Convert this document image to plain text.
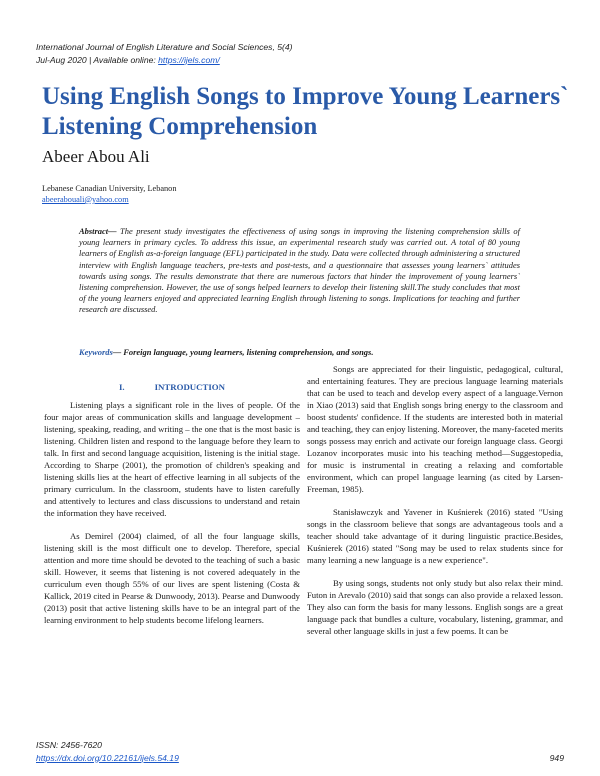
International Journal of English Literature and Social Sciences, 5(4)
Jul-Aug 2020 | Available online: https://ijels.com/
Using English Songs to Improve Young Learners` Listening Comprehension
Abeer Abou Ali
Lebanese Canadian University, Lebanon
abeerabouali@yahoo.com
Abstract— The present study investigates the effectiveness of using songs in improving the listening comprehension skills of young learners in primary cycles. To address this issue, an experimental research study was carried out. A total of 80 young learners of English as-a-foreign language (EFL) participated in the study. Data were collected through administering a structured interview with English language teachers, pre-tests and post-tests, and a questionnaire that assesses young learners` attitudes towards using songs. The results demonstrate that there are numerous factors that hinder the improvement of young learners` listening comprehension. However, the use of songs helped learners to develop their listening skill.The study concludes that most of the young learners enjoyed and appreciated learning English through listening to songs. Implications for teaching and further research are discussed.
Keywords— Foreign language, young learners, listening comprehension, and songs.
I.	INTRODUCTION

Listening plays a significant role in the lives of people. Of the four major areas of communication skills and language development – listening, speaking, reading, and writing – the one that is the most basic is listening. Children listen and respond to the language before they learn to talk. In first and second language acquisition, listening is the initial stage. According to Sharpe (2001), the promotion of children's speaking and listening skills lies at the heart of effective learning in all subjects of the primary curriculum. In the classroom, students have to listen carefully and attentively to lectures and class discussions to understand and retain the information they have received.

As Demirel (2004) claimed, of all the four language skills, listening skill is the most difficult one to develop. Therefore, special attention and more time should be devoted to the teaching of such a basic skill. However, it seems that listening is not covered adequately in the curriculum even though 55% of our lives are spent listening (Costa & Kallick, 2019 cited in Pearse & Dunwoody, 2013). Pearse and Dunwoody (2013) posit that active listening skills have to be an integral part of the learning environment to help students become lifelong learners.

Songs are appreciated for their linguistic, pedagogical, cultural, and entertaining features. They are precious language learning materials that can be used to teach and develop every aspect of a language.Vernon in Xiao (2013) said that English songs bring energy to the classroom and boost students' confidence. If the students are interested both in material and teaching, they can enjoy listening. Moreover, the many-faceted merits songs possess may enrich and activate our foreign language class. Georgi Lozanov incorporates music into his teaching method—Suggestopedia, for music is instrumental in creating a relaxing and comfortable environment, which can propel language learning (as cited by Larsen-Freeman, 1985).

Stanisławczyk and Yavener in Kuśnierek (2016) stated "Using songs in the classroom believe that songs are advantageous tools and a teacher should take advantage of it during linguistic practice.Besides, Kuśnierek (2016) stated "Song may be used to relax students since for many learning a new language is a new experience".

By using songs, students not only study but also relax their mind. Futon in Arevalo (2010) said that songs can also provide a relaxed lesson. They also can form the basis for many lessons. English songs are a great language pack that bundles a culture, vocabulary, listening, grammar, and several other language skills in just a few poems. It can be

ISSN: 2456-7620
https://dx.doi.org/10.22161/ijels.54.19	949
